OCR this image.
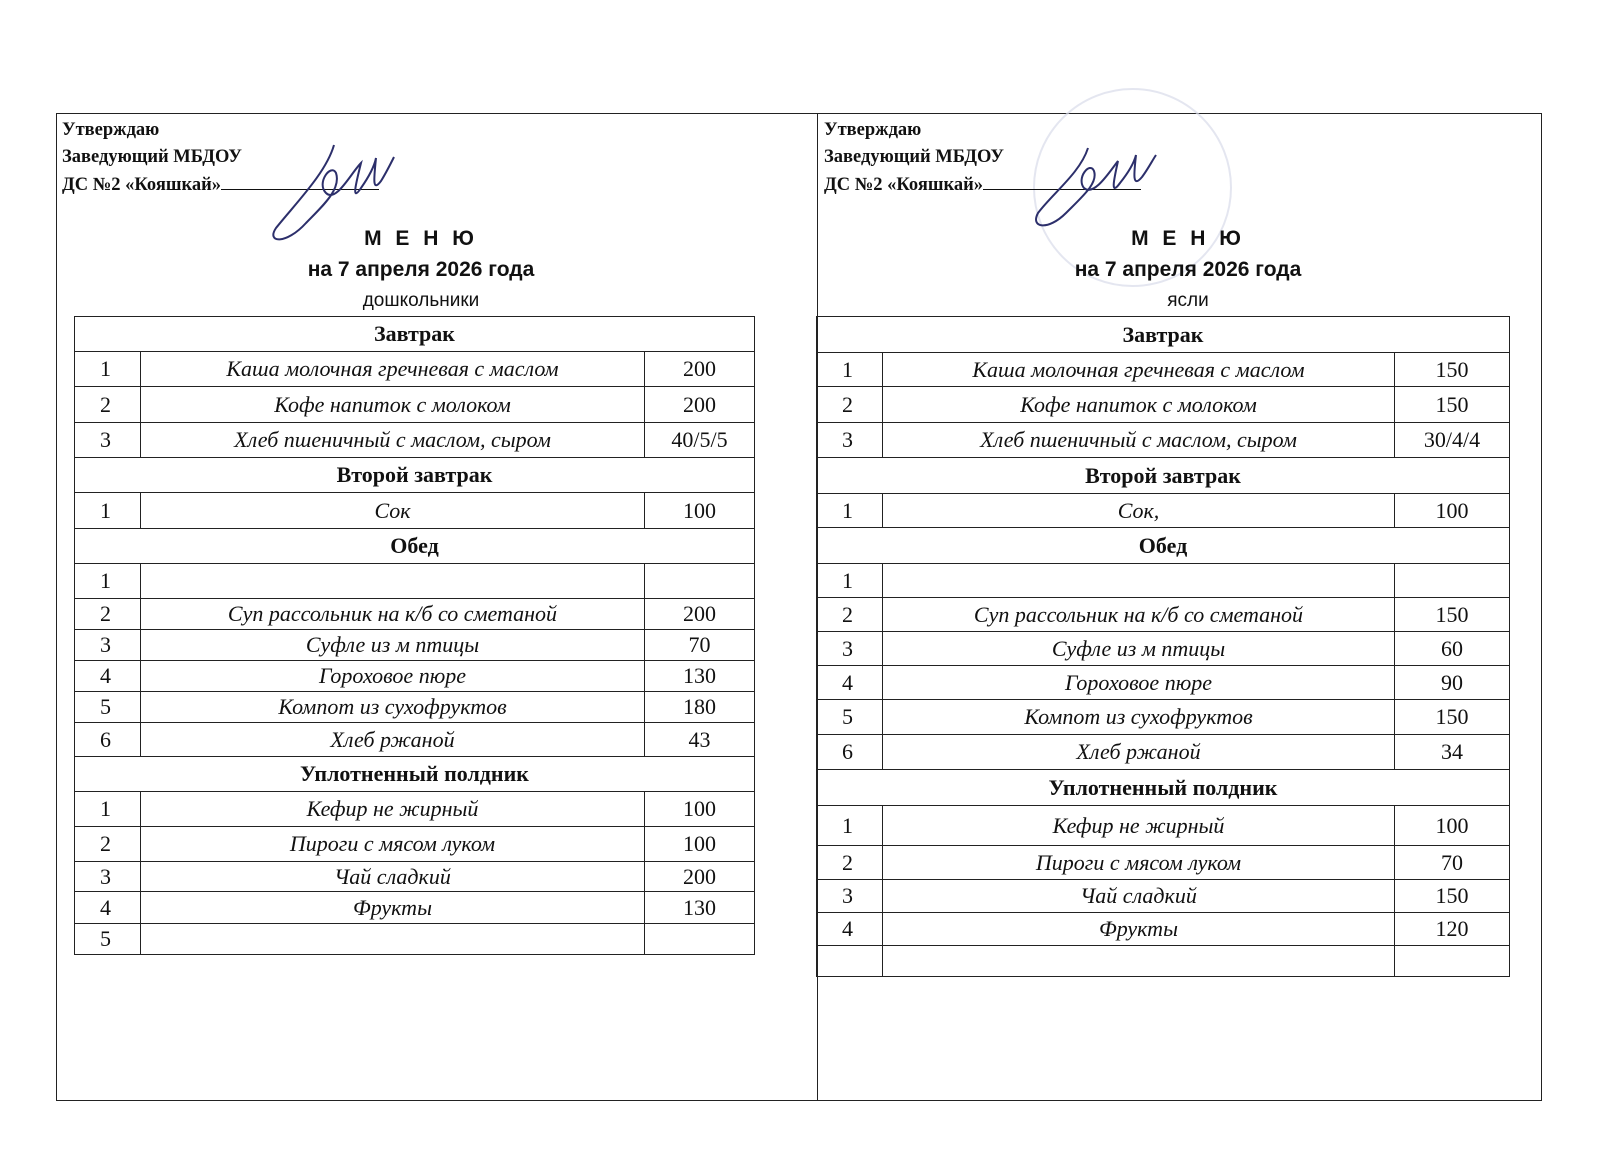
Утверждаю
Заведующий МБДОУ
ДС №2 «Кояшкай»
М Е Н Ю
на 7 апреля 2026 года
дошкольники
Завтрак		
1	Каша молочная гречневая с маслом	200
2	Кофе напиток с молоком	200
3	Хлеб пшеничный с маслом, сыром	40/5/5
Второй завтрак		
1	Сок	100
Обед		
1		
2	Суп рассольник на к/б со сметаной	200
3	Суфле из м птицы	70
4	Гороховое пюре	130
5	Компот из сухофруктов	180
6	Хлеб ржаной	43
Уплотненный полдник		
1	Кефир не жирный	100
2	Пироги с мясом луком	100
3	Чай сладкий	200
4	Фрукты	130
5		
Утверждаю
Заведующий МБДОУ
ДС №2 «Кояшкай»
М Е Н Ю
на 7 апреля 2026 года
ясли
Завтрак		
1	Каша молочная гречневая с маслом	150
2	Кофе напиток с молоком	150
3	Хлеб пшеничный с маслом, сыром	30/4/4
Второй завтрак		
1	Сок,	100
Обед		
1		
2	Суп рассольник на к/б со сметаной	150
3	Суфле из м птицы	60
4	Гороховое пюре	90
5	Компот из сухофруктов	150
6	Хлеб ржаной	34
Уплотненный полдник		
1	Кефир не жирный	100
2	Пироги с мясом луком	70
3	Чай сладкий	150
4	Фрукты	120
